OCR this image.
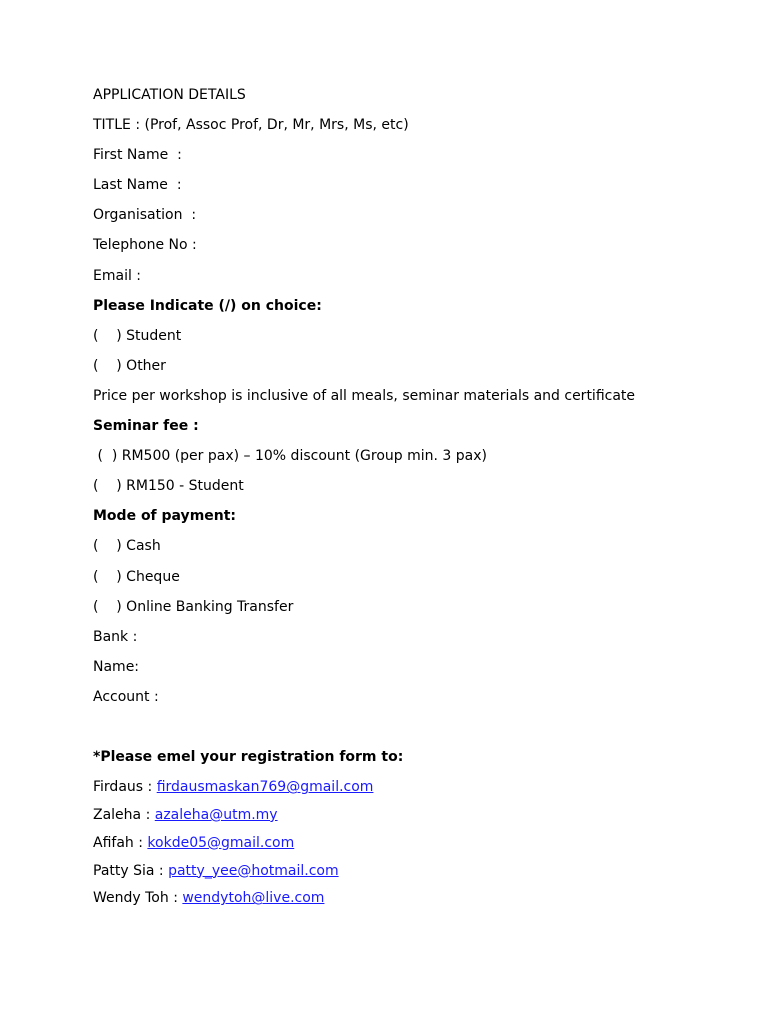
APPLICATION DETAILS
TITLE : (Prof, Assoc Prof, Dr, Mr, Mrs, Ms, etc)
First Name  :
Last Name  :
Organisation  :
Telephone No :
Email :
Please Indicate (/) on choice:
(    ) Student
(    ) Other
Price per workshop is inclusive of all meals, seminar materials and certificate
Seminar fee :
(  ) RM500 (per pax) – 10% discount (Group min. 3 pax)
(    ) RM150 - Student
Mode of payment:
(    ) Cash
(    ) Cheque
(    ) Online Banking Transfer
Bank :
Name:
Account :
*Please emel your registration form to:
Firdaus : firdausmaskan769@gmail.com
Zaleha : azaleha@utm.my
Afifah : kokde05@gmail.com
Patty Sia : patty_yee@hotmail.com
Wendy Toh : wendytoh@live.com
